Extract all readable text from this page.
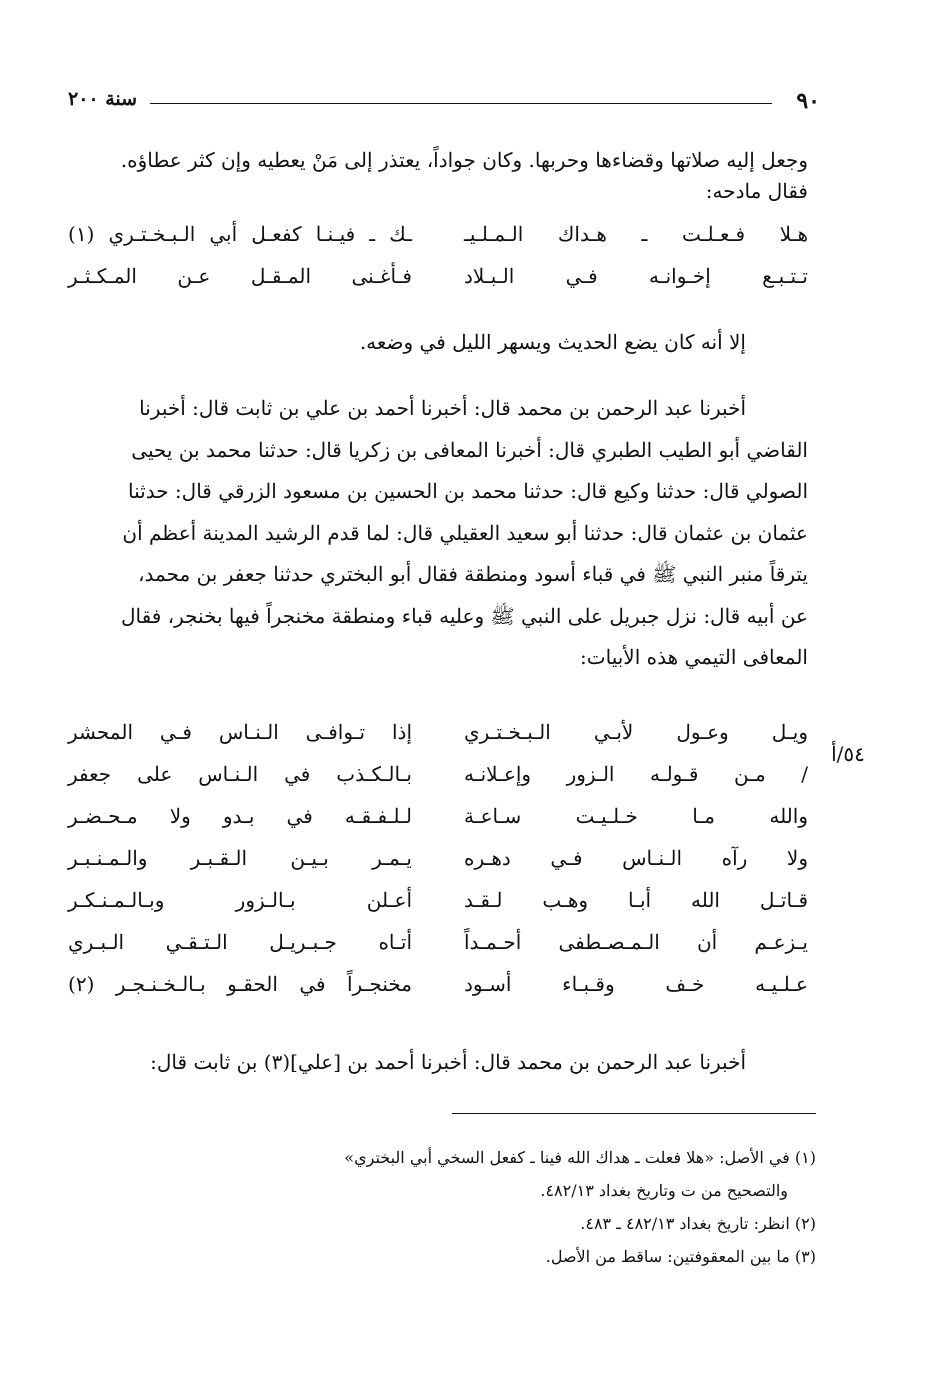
٩٠
سنة ٢٠٠

وجعل إليه صلاتها وقضاءها وحربها. وكان جواداً، يعتذر إلى مَنْ يعطيه وإن كثر عطاؤه.
فقال مادحه:

هـلا فـعـلـت ـ هـداك الـمـلـيـ
ـك ـ فيـنـا كفعـل أبي الـبـخـتـري (١)
تـتـبـع إخـوانـه فـي الـبـلاد
فـأغـنى المـقـل عـن المـكـثـر

إلا أنه كان يضع الحديث ويسهر الليل في وضعه.

أخبرنا عبد الرحمن بن محمد قال: أخبرنا أحمد بن علي بن ثابت قال: أخبرنا
القاضي أبو الطيب الطبري قال: أخبرنا المعافى بن زكريا قال: حدثنا محمد بن يحيى
الصولي قال: حدثنا وكيع قال: حدثنا محمد بن الحسين بن مسعود الزرقي قال: حدثنا
عثمان بن عثمان قال: حدثنا أبو سعيد العقيلي قال: لما قدم الرشيد المدينة أعظم أن
يترقاً منبر النبي ﷺ في قباء أسود ومنطقة فقال أبو البختري حدثنا جعفر بن محمد،
عن أبيه قال: نزل جبريل على النبي ﷺ وعليه قباء ومنطقة مخنجراً فيها بخنجر، فقال
المعافى التيمي هذه الأبيات:

٥٤/أ
ويـل وعـول لأبـي الـبـخـتـري
إذا تـوافـى الـنـاس فـي المحشر
/ مـن قـولـه الـزور وإعـلانـه
بـالـكـذب في الـنـاس على جعفر
والله مـا خـلـيـت سـاعـة
لـلـفـقـه في بـدو ولا مـحـضـر
ولا رآه الـنـاس فـي دهـره
يـمـر بـيـن الـقـبـر والـمـنـبـر
قـاتـل الله أبـا وهـب لـقـد
أعـلن بـالـزور وبـالـمـنـكـر
يـزعـم أن الـمـصـطفى أحـمـداً
أتـاه جـبـريـل الـتـقـي الـبـري
عـلـيـه خـف وقـبـاء أسـود
مخنجـراً في الحقـو بـالـخـنـجـر (٢)

أخبرنا عبد الرحمن بن محمد قال: أخبرنا أحمد بن [علي](٣) بن ثابت قال:

(١) في الأصل: «هلا فعلت ـ هداك الله فينا ـ كفعل السخي أبي البختري»
والتصحيح من ت وتاريخ بغداد ٤٨٢/١٣.
(٢) انظر: تاريخ بغداد ٤٨٢/١٣ ـ ٤٨٣.
(٣) ما بين المعقوفتين: ساقط من الأصل.
